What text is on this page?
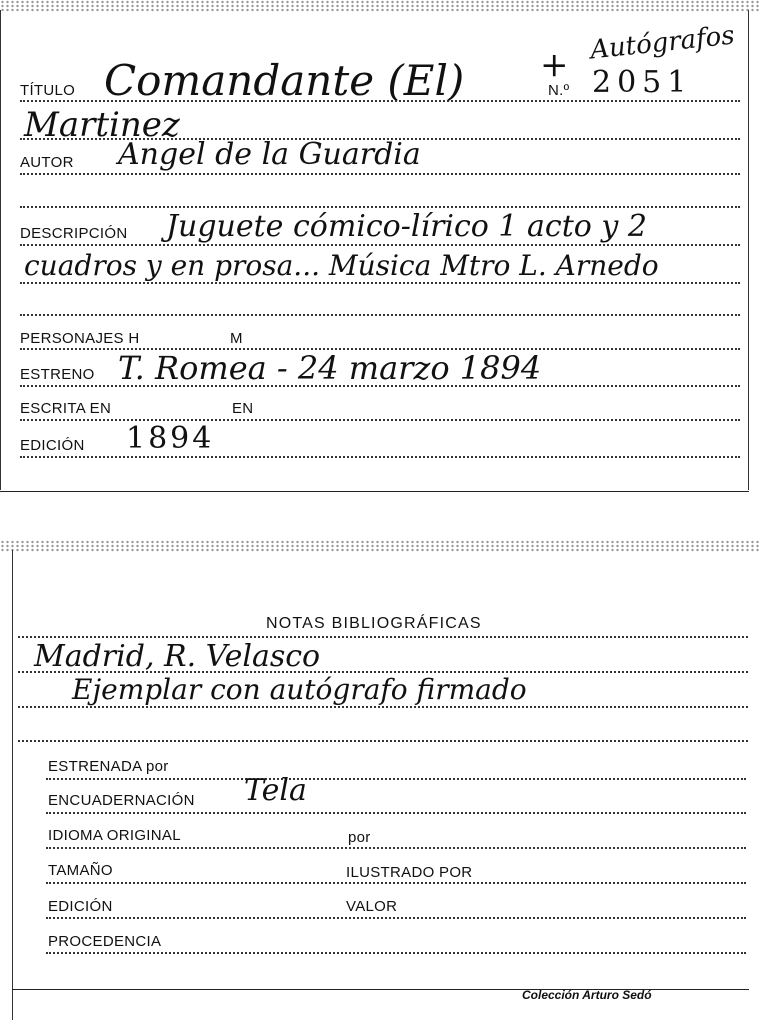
TÍTULO Comandante (El) + Autógrafos
N.º 2051
Martinez
AUTOR Angel de la Guardia
DESCRIPCIÓN Juguete cómico-lírico 1 acto y 2
cuadros y en prosa... Música Mtro L. Arnedo
PERSONAJES H	M
ESTRENO T. Romea - 24 marzo 1894
ESCRITA EN	EN
EDICIÓN 1894
NOTAS BIBLIOGRÁFICAS
Madrid, R. Velasco
Ejemplar con autógrafo firmado
ESTRENADA por
ENCUADERNACIÓN Tela
IDIOMA ORIGINAL	por
TAMAÑO	ILUSTRADO POR
EDICIÓN	VALOR
PROCEDENCIA
Colección Arturo Sedó
